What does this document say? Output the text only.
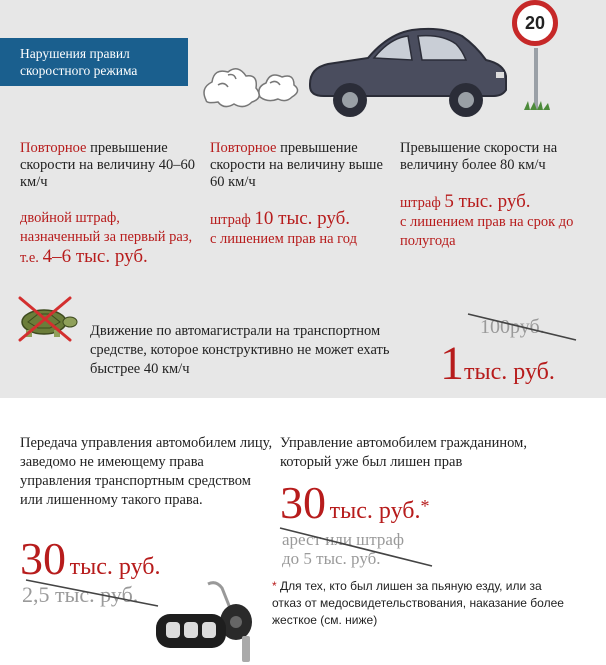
Нарушения правил
скоростного режима
20
Повторное превышение скорости на величину 40–60 км/ч
двойной штраф, назначенный за первый раз, т.е. 4–6 тыс. руб.
Повторное превышение скорости на величину выше 60 км/ч
штраф 10 тыс. руб.
с лишением прав на год
Превышение скорости на величину более 80 км/ч
штраф 5 тыс. руб.
с лишением прав на срок до полугода
Движение по автомагистрали на транспортном средстве, которое конструктивно не может ехать быстрее 40 км/ч
100руб.
1тыс. руб.
Передача управления автомобилем лицу, заведомо не имеющему права управления транспортным средством или лишенному такого права.
30 тыс. руб.
2,5 тыс. руб.
Управление автомобилем гражданином, который уже был лишен прав
30 тыс. руб.*
арест или штраф
до 5 тыс. руб.
* Для тех, кто был лишен за пьяную езду, или за отказ от медосвидетельствования, наказание более жесткое (см. ниже)
